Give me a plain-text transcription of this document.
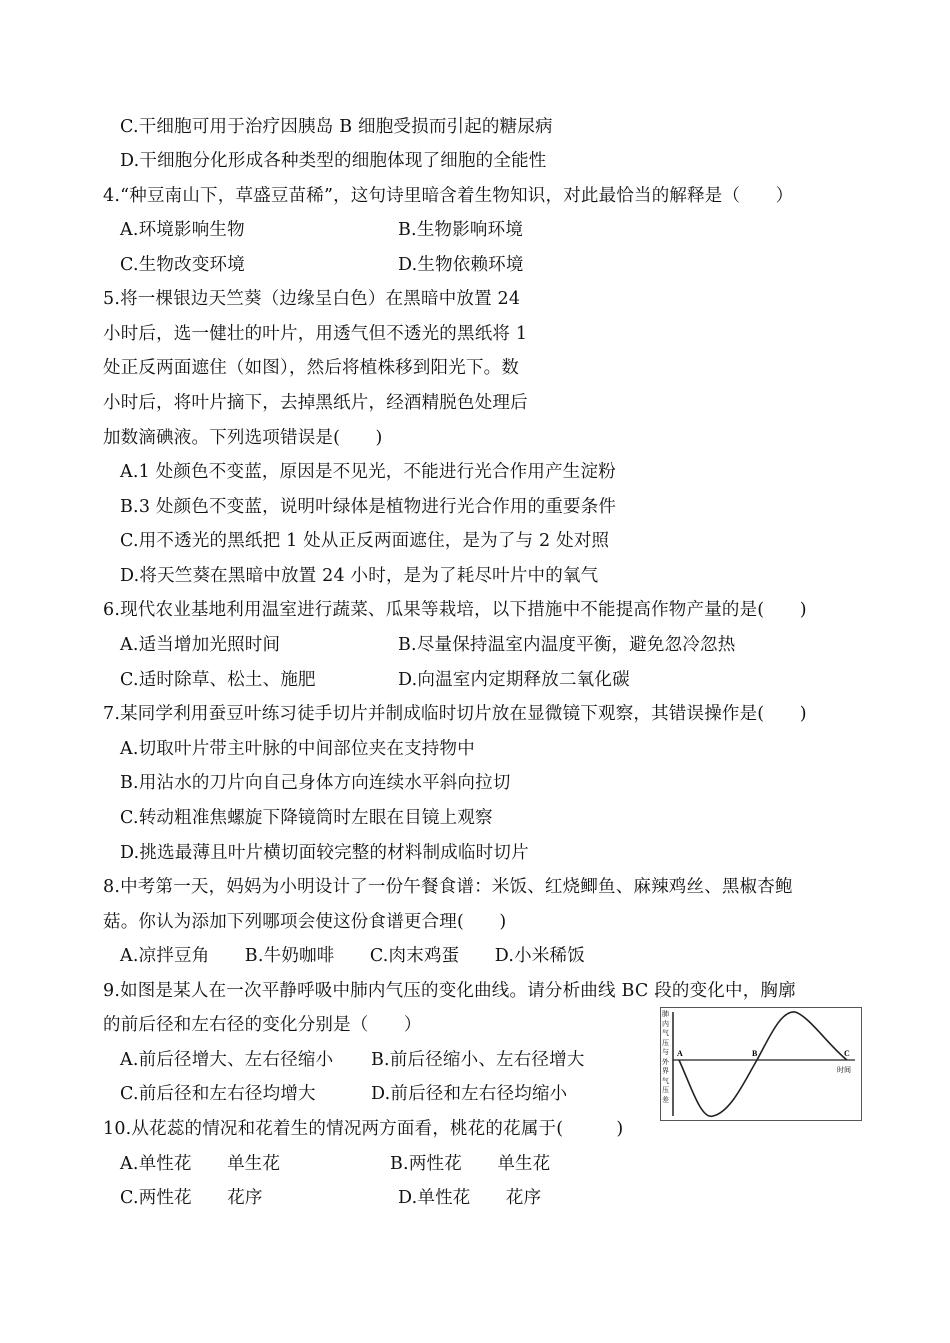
C.干细胞可用于治疗因胰岛 B 细胞受损而引起的糖尿病
D.干细胞分化形成各种类型的细胞体现了细胞的全能性
4.“种豆南山下，草盛豆苗稀”，这句诗里暗含着生物知识，对此最恰当的解释是（　　）
A.环境影响生物	B.生物影响环境
C.生物改变环境	D.生物依赖环境
5.将一棵银边天竺葵（边缘呈白色）在黑暗中放置 24
小时后，选一健壮的叶片，用透气但不透光的黑纸将 1
处正反两面遮住（如图），然后将植株移到阳光下。数
小时后，将叶片摘下，去掉黑纸片，经酒精脱色处理后
加数滴碘液。下列选项错误是(　　)
A.1 处颜色不变蓝，原因是不见光，不能进行光合作用产生淀粉
B.3 处颜色不变蓝，说明叶绿体是植物进行光合作用的重要条件
C.用不透光的黑纸把 1 处从正反两面遮住，是为了与 2 处对照
D.将天竺葵在黑暗中放置 24 小时，是为了耗尽叶片中的氧气
6.现代农业基地利用温室进行蔬菜、瓜果等栽培，以下措施中不能提高作物产量的是(　　)
A.适当增加光照时间	B.尽量保持温室内温度平衡，避免忽冷忽热
C.适时除草、松土、施肥	D.向温室内定期释放二氧化碳
7.某同学利用蚕豆叶练习徒手切片并制成临时切片放在显微镜下观察，其错误操作是(　　)
A.切取叶片带主叶脉的中间部位夹在支持物中
B.用沾水的刀片向自己身体方向连续水平斜向拉切
C.转动粗准焦螺旋下降镜筒时左眼在目镜上观察
D.挑选最薄且叶片横切面较完整的材料制成临时切片
8.中考第一天，妈妈为小明设计了一份午餐食谱：米饭、红烧鲫鱼、麻辣鸡丝、黑椒杏鲍
菇。你认为添加下列哪项会使这份食谱更合理(　　)
A.凉拌豆角　　B.牛奶咖啡　　C.肉末鸡蛋　　D.小米稀饭
9.如图是某人在一次平静呼吸中肺内气压的变化曲线。请分析曲线 BC 段的变化中，胸廓
的前后径和左右径的变化分别是（　　）
A.前后径增大、左右径缩小 B.前后径缩小、左右径增大
C.前后径和左右径均增大	D.前后径和左右径均缩小
10.从花蕊的情况和花着生的情况两方面看，桃花的花属于(　　　)
A.单性花　　单生花	B.两性花　　单生花
C.两性花　　花序	D.单性花　　花序
A	B	C
时间
肺内气压与外界气压差
